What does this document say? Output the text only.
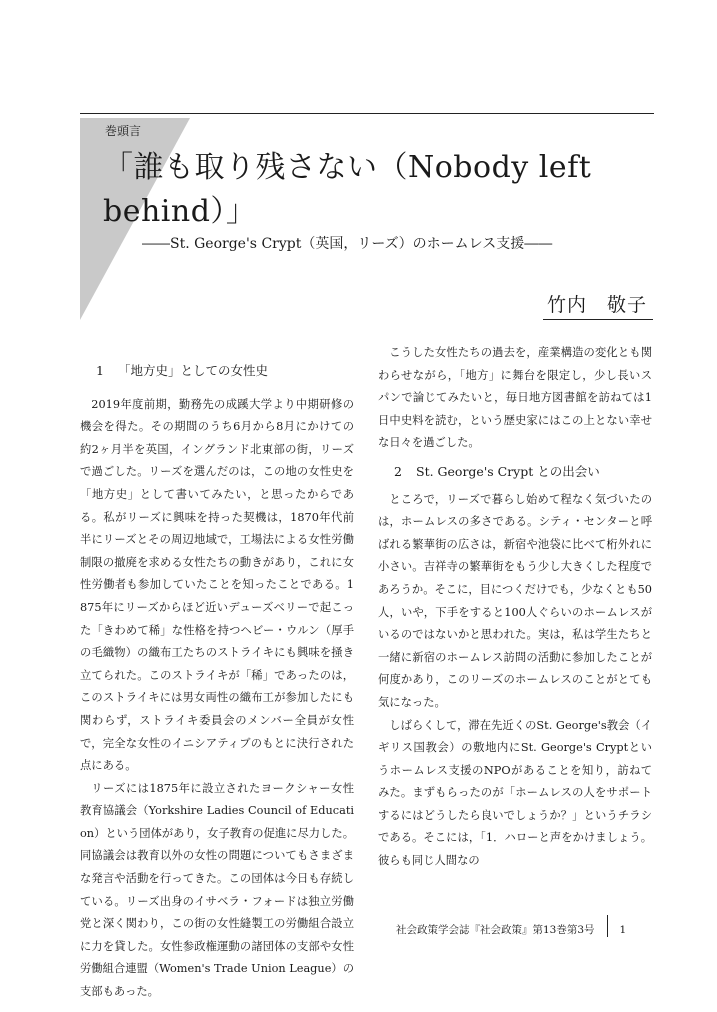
巻頭言
「誰も取り残さない（Nobody left behind）」
――St. George's Crypt（英国，リーズ）のホームレス支援――
竹内　敬子
1 「地方史」としての女性史

2019年度前期，勤務先の成蹊大学より中期研修の機会を得た。その期間のうち6月から8月にかけての約2ヶ月半を英国，イングランド北東部の街，リーズで過ごした。リーズを選んだのは，この地の女性史を「地方史」として書いてみたい，と思ったからである。私がリーズに興味を持った契機は，1870年代前半にリーズとその周辺地域で，工場法による女性労働制限の撤廃を求める女性たちの動きがあり，これに女性労働者も参加していたことを知ったことである。1875年にリーズからほど近いデューズベリーで起こった「きわめて稀」な性格を持つヘビー・ウルン（厚手の毛織物）の織布工たちのストライキにも興味を掻き立てられた。このストライキが「稀」であったのは，このストライキには男女両性の織布工が参加したにも関わらず，ストライキ委員会のメンバー全員が女性で，完全な女性のイニシアティブのもとに決行された点にある。

リーズには1875年に設立されたヨークシャー女性教育協議会（Yorkshire Ladies Council of Education）という団体があり，女子教育の促進に尽力した。同協議会は教育以外の女性の問題についてもさまざまな発言や活動を行ってきた。この団体は今日も存続している。リーズ出身のイサベラ・フォードは独立労働党と深く関わり，この街の女性縫製工の労働組合設立に力を貸した。女性参政権運動の諸団体の支部や女性労働組合連盟（Women's Trade Union League）の支部もあった。

こうした女性たちの過去を，産業構造の変化とも関わらせながら，「地方」に舞台を限定し，少し長いスパンで論じてみたいと，毎日地方図書館を訪ねては1日中史料を読む，という歴史家にはこの上とない幸せな日々を過ごした。

2 St. George's Crypt との出会い

ところで，リーズで暮らし始めて程なく気づいたのは，ホームレスの多さである。シティ・センターと呼ばれる繁華街の広さは，新宿や池袋に比べて桁外れに小さい。吉祥寺の繁華街をもう少し大きくした程度であろうか。そこに，目につくだけでも，少なくとも50人，いや，下手をすると100人ぐらいのホームレスがいるのではないかと思われた。実は，私は学生たちと一緒に新宿のホームレス訪問の活動に参加したことが何度かあり，このリーズのホームレスのことがとても気になった。

しばらくして，滞在先近くのSt. George's教会（イギリス国教会）の敷地内にSt. George's Cryptというホームレス支援のNPOがあることを知り，訪ねてみた。まずもらったのが「ホームレスの人をサポートするにはどうしたら良いでしょうか？」というチラシである。そこには，「1．ハローと声をかけましょう。彼らも同じ人間なの

社会政策学会誌『社会政策』第13巻第3号 1
